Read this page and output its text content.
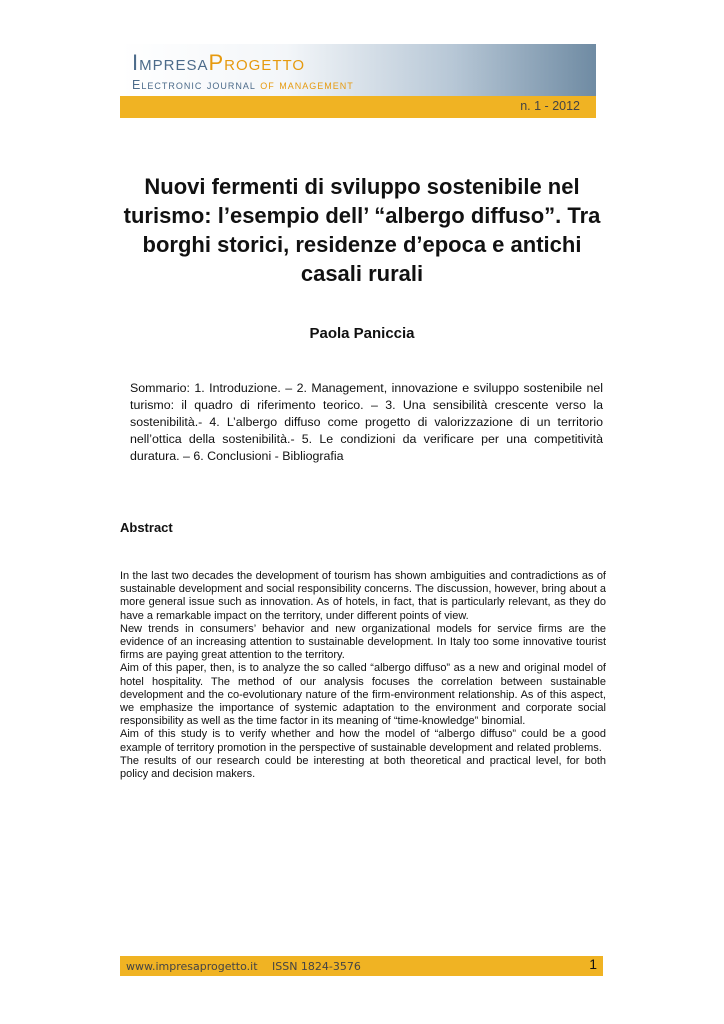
ImpresaProgetto
Electronic journal of management
n. 1 - 2012
Nuovi fermenti di sviluppo sostenibile nel turismo: l’esempio dell’ “albergo diffuso”. Tra borghi storici, residenze d’epoca e antichi casali rurali
Paola Paniccia
Sommario: 1. Introduzione. – 2. Management, innovazione e sviluppo sostenibile nel turismo: il quadro di riferimento teorico. – 3. Una sensibilità crescente verso la sostenibilità.- 4. L’albergo diffuso come progetto di valorizzazione di un territorio nell’ottica della sostenibilità.- 5. Le condizioni da verificare per una competitività duratura. – 6. Conclusioni - Bibliografia
Abstract

In the last two decades the development of tourism has shown ambiguities and contradictions as of sustainable development and social responsibility concerns. The discussion, however, bring about a more general issue such as innovation. As of hotels, in fact, that is particularly relevant, as they do have a remarkable impact on the territory, under different points of view.

New trends in consumers’ behavior and new organizational models for service firms are the evidence of an increasing attention to sustainable development. In Italy too some innovative tourist firms are paying great attention to the territory.

Aim of this paper, then, is to analyze the so called “albergo diffuso” as a new and original model of hotel hospitality. The method of our analysis focuses the correlation between sustainable development and the co-evolutionary nature of the firm-environment relationship. As of this aspect, we emphasize the importance of systemic adaptation to the environment and corporate social responsibility as well as the time factor in its meaning of “time-knowledge” binomial.

Aim of this study is to verify whether and how the model of “albergo diffuso” could be a good example of territory promotion in the perspective of sustainable development and related problems.

The results of our research could be interesting at both theoretical and practical level, for both policy and decision makers.

www.impresaprogetto.it ISSN 1824-3576	1
